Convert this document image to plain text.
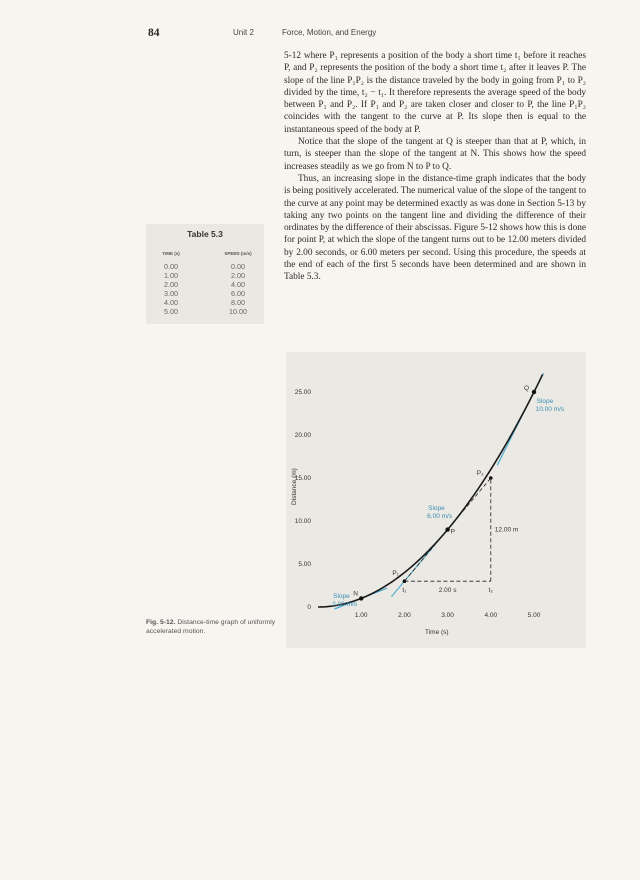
84	Unit 2	Force, Motion, and Energy

5-12 where P₁ represents a position of the body a short time t₁ before it reaches P, and P₂ represents the position of the body a short time t₂ after it leaves P. The slope of the line P₁P₂ is the distance traveled by the body in going from P₁ to P₂ divided by the time, t₂ − t₁. It therefore represents the average speed of the body between P₁ and P₂. If P₁ and P₂ are taken closer and closer to P, the line P₁P₂ coincides with the tangent to the curve at P. Its slope then is equal to the instantaneous speed of the body at P.

Notice that the slope of the tangent at Q is steeper than that at P, which, in turn, is steeper than the slope of the tangent at N. This shows how the speed increases steadily as we go from N to P to Q.

Thus, an increasing slope in the distance-time graph indicates that the body is being positively accelerated. The numerical value of the slope of the tangent to the curve at any point may be determined exactly as was done in Section 5-13 by taking any two points on the tangent line and dividing the difference of their ordinates by the difference of their abscissas. Figure 5-12 shows how this is done for point P, at which the slope of the tangent turns out to be 12.00 meters divided by 2.00 seconds, or 6.00 meters per second. Using this procedure, the speeds at the end of each of the first 5 seconds have been determined and are shown in Table 5.3.

Table 5.3
TIME (s)	SPEED (m/s)
0.00	0.00
1.00	2.00
2.00	4.00
3.00	6.00
4.00	8.00
5.00	10.00
5.00
10.00
15.00
20.00
25.00
0
1.00	2.00	3.00	4.00	5.00
Time (s)
Distance (m)
N
P
Q
P₁
P₂
t₁	t₂
2.00 s
12.00 m
Slope
2.00 m/s
Slope
6.00 m/s
Slope
10.00 m/s
Fig. 5-12. Distance-time graph of uniformly accelerated motion.
